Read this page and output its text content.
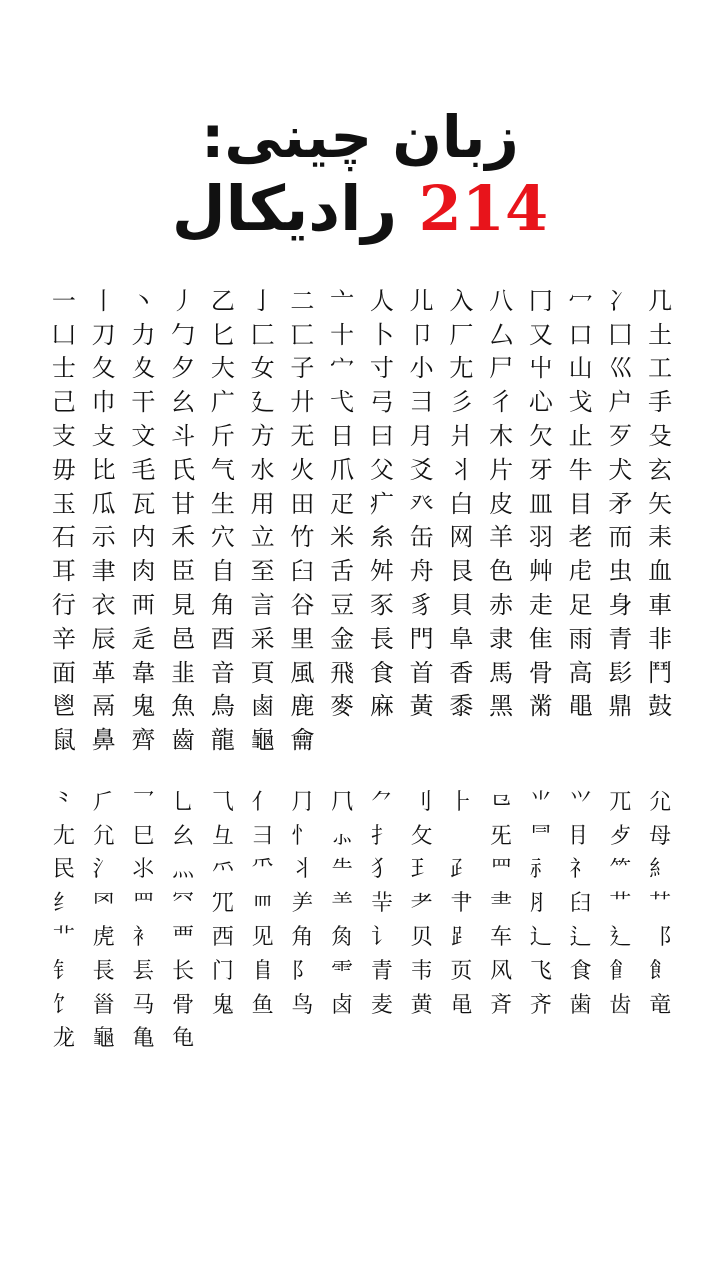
زبان چینی:
214 رادیکال
一 丨 丶 丿 乙 亅 二 亠 人 儿 入 八 冂 冖 冫 几
凵 刀 力 勹 匕 匚 匸 十 卜 卩 厂 厶 又 口 囗 土
士 夂 夊 夕 大 女 子 宀 寸 小 尢 尸 屮 山 巛 工
己 巾 干 幺 广 廴 廾 弋 弓 彐 彡 彳 心 戈 户 手
支 攴 文 斗 斤 方 无 日 曰 月 爿 木 欠 止 歹 殳
毋 比 毛 氏 气 水 火 爪 父 爻 丬 片 牙 牛 犬 玄
玉 瓜 瓦 甘 生 用 田 疋 疒 癶 白 皮 皿 目 矛 矢
石 示 内 禾 穴 立 竹 米 糸 缶 网 羊 羽 老 而 耒
耳 聿 肉 臣 自 至 臼 舌 舛 舟 艮 色 艸 虍 虫 血
行 衣 襾 見 角 言 谷 豆 豕 豸 貝 赤 走 足 身 車
辛 辰 辵 邑 酉 采 里 金 長 門 阜 隶 隹 雨 青 非
面 革 韋 韭 音 頁 風 飛 食 首 香 馬 骨 高 髟 鬥
鬯 鬲 鬼 魚 鳥 鹵 鹿 麥 麻 黃 黍 黑 黹 黽 鼎 鼓
鼠 鼻 齊 齒 龍 龜 龠
⺀ ⺁ ⺂ ⺃ ⺄ ⺅ ⺆ ⺇ ⺈ ⺉ ⺊ ⺋ ⺌ ⺍ ⺎ ⺏
⺐ ⺑ ⺒ ⺓ ⺔ ⺕ ⺖ ⺗ ⺘ ⺙	⺛ ⺜ ⺝ ⺞ ⺟
⺠ ⺡ ⺢ ⺣ ⺤ ⺥ ⺦ ⺧ ⺨ ⺩ ⺪ ⺫ ⺬ ⺭ ⺮ ⺯
⺰ ⺱ ⺲ ⺳ ⺴ ⺵ ⺶ ⺷ ⺸ ⺹ ⺺ ⺻ ⺼ ⺽ ⺾ ⺿
⻀ ⻁ ⻂ ⻃ ⻄ ⻅ ⻆ ⻇ ⻈ ⻉ ⻊ ⻋ ⻌ ⻍ ⻎ ⻏
⻐ ⻑ ⻒ ⻓ ⻔ ⻕ ⻖ ⻗ ⻘ ⻙ ⻚ ⻛ ⻜ ⻝ ⻞ ⻟
⻠ ⻡ ⻢ ⻣ ⻤ ⻥ ⻦ ⻧ ⻨ ⻩ ⻪ ⻫ ⻬ ⻭ ⻮ ⻯
⻰ ⻱ ⻲ ⻳
